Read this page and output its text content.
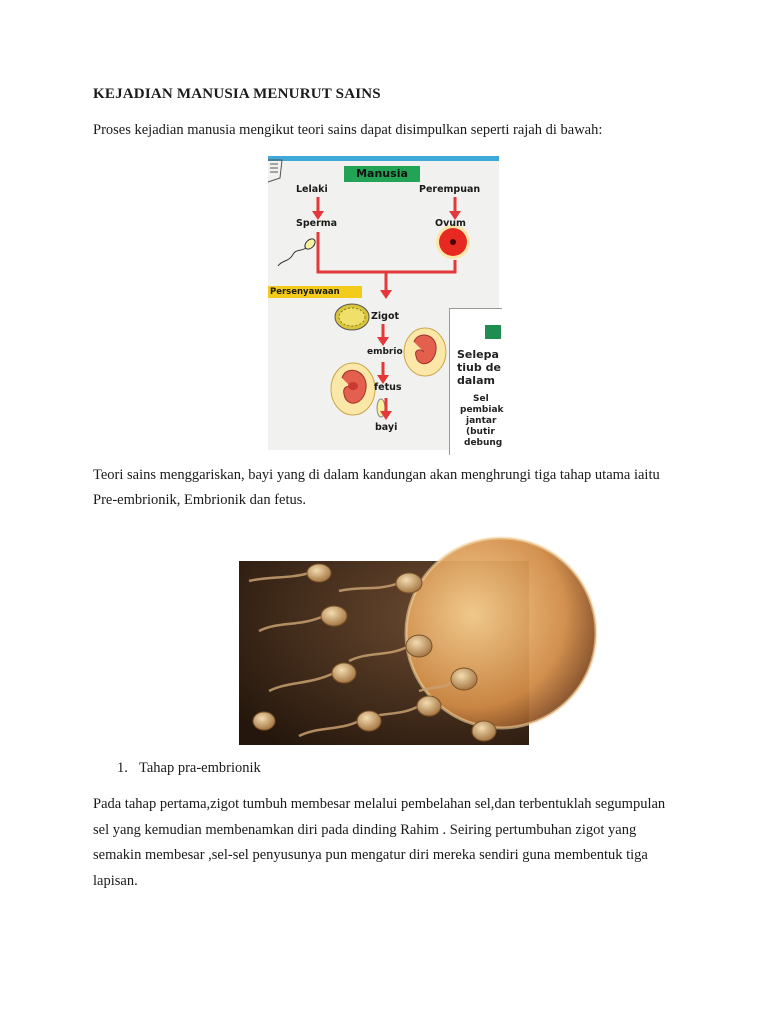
KEJADIAN MANUSIA MENURUT SAINS
Proses kejadian manusia mengikut teori sains dapat disimpulkan seperti rajah di bawah:
Manusia
Lelaki	Perempuan
Sperma	Ovum
Persenyawaan
Zigot
embrio
fetus
bayi
Selepa
tiub de
dalam
Sel
pembiak
jantar
(butir
debung
Teori sains menggariskan, bayi yang di dalam kandungan akan menghrungi tiga tahap utama iaitu Pre-embrionik, Embrionik dan fetus.
1. Tahap pra-embrionik
Pada tahap pertama,zigot tumbuh membesar melalui pembelahan sel,dan terbentuklah segumpulan sel yang kemudian membenamkan diri pada dinding Rahim . Seiring pertumbuhan zigot yang semakin membesar ,sel-sel penyusunya pun mengatur diri mereka sendiri guna membentuk tiga lapisan.
